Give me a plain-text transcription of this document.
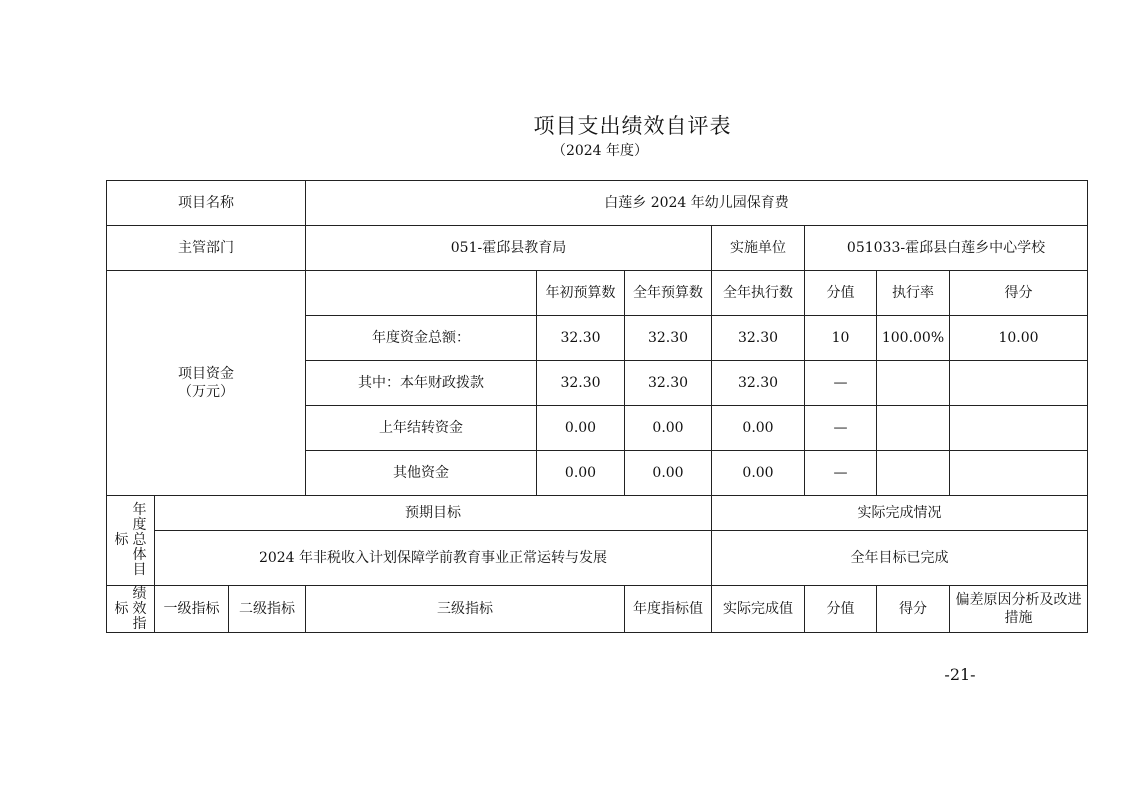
项目支出绩效自评表
（2024 年度）
项目名称			白莲乡 2024 年幼儿园保育费						
主管部门			051-霍邱县教育局			实施单位	051033-霍邱县白莲乡中心学校		

项目资金
（万元）				年初预算数	全年预算数	全年执行数	分值	执行率	得分
			年度资金总额：	32.30	32.30	32.30	10	100.00%	10.00
			其中：本年财政拨款	32.30	32.30	32.30	—		
			上年结转资金	0.00	0.00	0.00	—		
			其他资金	0.00	0.00	0.00	—		

标
年度总体目	预期目标					实际完成情况			
	2024 年非税收入计划保障学前教育事业正常运转与发展					全年目标已完成			

标
绩效指	一级指标	二级指标	三级指标		年度指标值	实际完成值	分值	得分	偏差原因分析及改进措施
-21-
